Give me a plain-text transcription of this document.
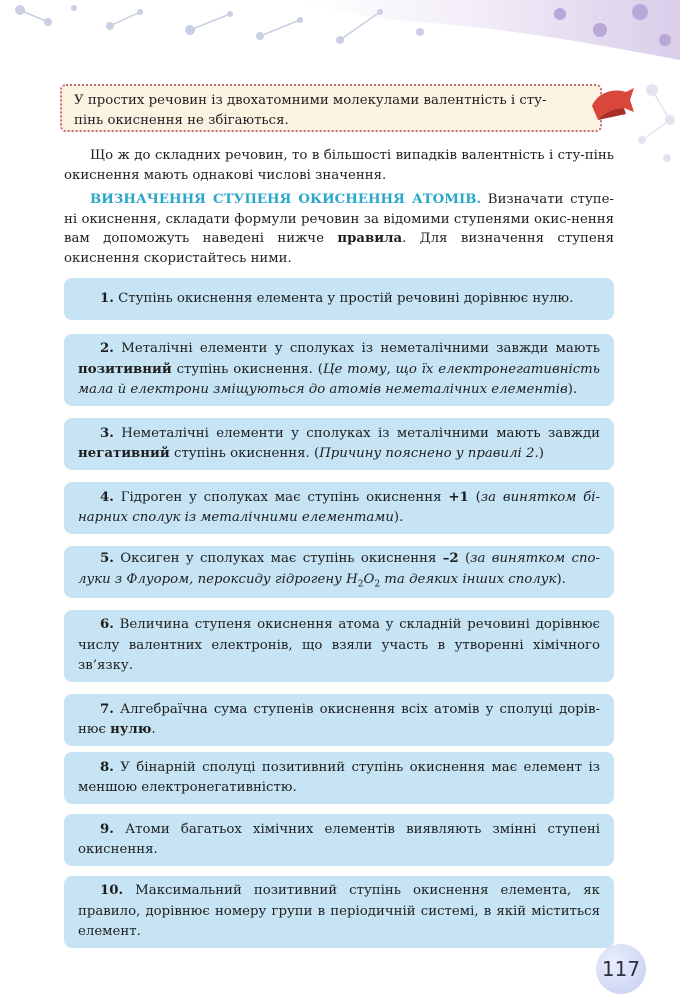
У простих речовин із двохатомними молекулами валентність і сту-
пінь окиснення не збігаються.

Що ж до складних речовин, то в більшості випадків валентність і сту-пінь окиснення мають однакові числові значення.

ВИЗНАЧЕННЯ СТУПЕНЯ ОКИСНЕННЯ АТОМІВ. Визначати ступе-ні окиснення, складати формули речовин за відомими ступенями окис-нення вам допоможуть наведені нижче правила. Для визначення ступеня окиснення скористайтесь ними.

1. Ступінь окиснення елемента у простій речовині дорівнює нулю.
2. Металічні елементи у сполуках із неметалічними завжди мають позитивний ступінь окиснення. (Це тому, що їх електронегативність мала й електрони зміщуються до атомів неметалічних елементів).
3. Неметалічні елементи у сполуках із металічними мають завжди негативний ступінь окиснення. (Причину пояснено у правилі 2.)
4. Гідроген у сполуках має ступінь окиснення +1 (за винятком бі-нарних сполук із металічними елементами).
5. Оксиген у сполуках має ступінь окиснення –2 (за винятком спо-луки з Флуором, пероксиду гідрогену $H_2O_2$ та деяких інших сполук).
6. Величина ступеня окиснення атома у складній речовині дорівнює числу валентних електронів, що взяли участь в утворенні хімічного зв’язку.
7. Алгебраїчна сума ступенів окиснення всіх атомів у сполуці дорів-нює нулю.
8. У бінарній сполуці позитивний ступінь окиснення має елемент із меншою електронегативністю.
9. Атоми багатьох хімічних елементів виявляють змінні ступені окиснення.
10. Максимальний позитивний ступінь окиснення елемента, як правило, дорівнює номеру групи в періодичній системі, в якій міститься елемент.
117
